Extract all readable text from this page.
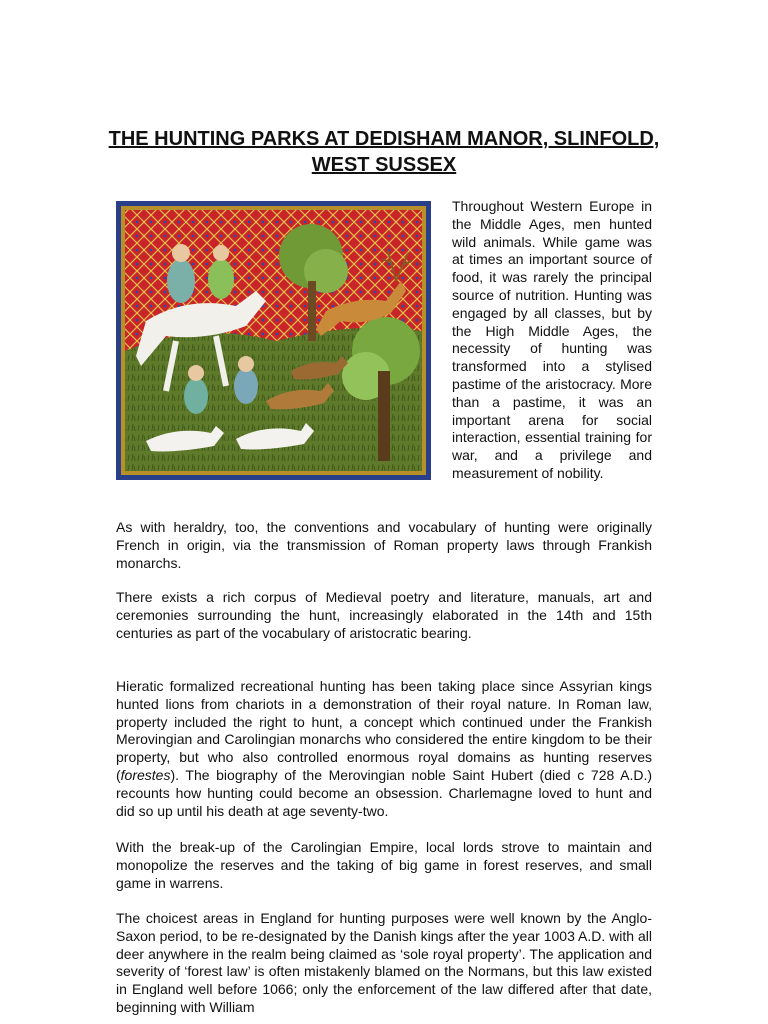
THE HUNTING PARKS AT DEDISHAM MANOR, SLINFOLD, WEST SUSSEX

Throughout Western Europe in the Middle Ages, men hunted wild animals. While game was at times an important source of food, it was rarely the principal source of nutrition. Hunting was engaged by all classes, but by the High Middle Ages, the necessity of hunting was transformed into a stylised pastime of the aristocracy. More than a pastime, it was an important arena for social interaction, essential training for war, and a privilege and measurement of nobility.

As with heraldry, too, the conventions and vocabulary of hunting were originally French in origin, via the transmission of Roman property laws through Frankish monarchs.

There exists a rich corpus of Medieval poetry and literature, manuals, art and ceremonies surrounding the hunt, increasingly elaborated in the 14th and 15th centuries as part of the vocabulary of aristocratic bearing.

Hieratic formalized recreational hunting has been taking place since Assyrian kings hunted lions from chariots in a demonstration of their royal nature. In Roman law, property included the right to hunt, a concept which continued under the Frankish Merovingian and Carolingian monarchs who considered the entire kingdom to be their property, but who also controlled enormous royal domains as hunting reserves (forestes). The biography of the Merovingian noble Saint Hubert (died c 728 A.D.) recounts how hunting could become an obsession. Charlemagne loved to hunt and did so up until his death at age seventy-two.

With the break-up of the Carolingian Empire, local lords strove to maintain and monopolize the reserves and the taking of big game in forest reserves, and small game in warrens.

The choicest areas in England for hunting purposes were well known by the Anglo-Saxon period, to be re-designated by the Danish kings after the year 1003 A.D. with all deer anywhere in the realm being claimed as ‘sole royal property’. The application and severity of ‘forest law’ is often mistakenly blamed on the Normans, but this law existed in England well before 1066; only the enforcement of the law differed after that date, beginning with William
